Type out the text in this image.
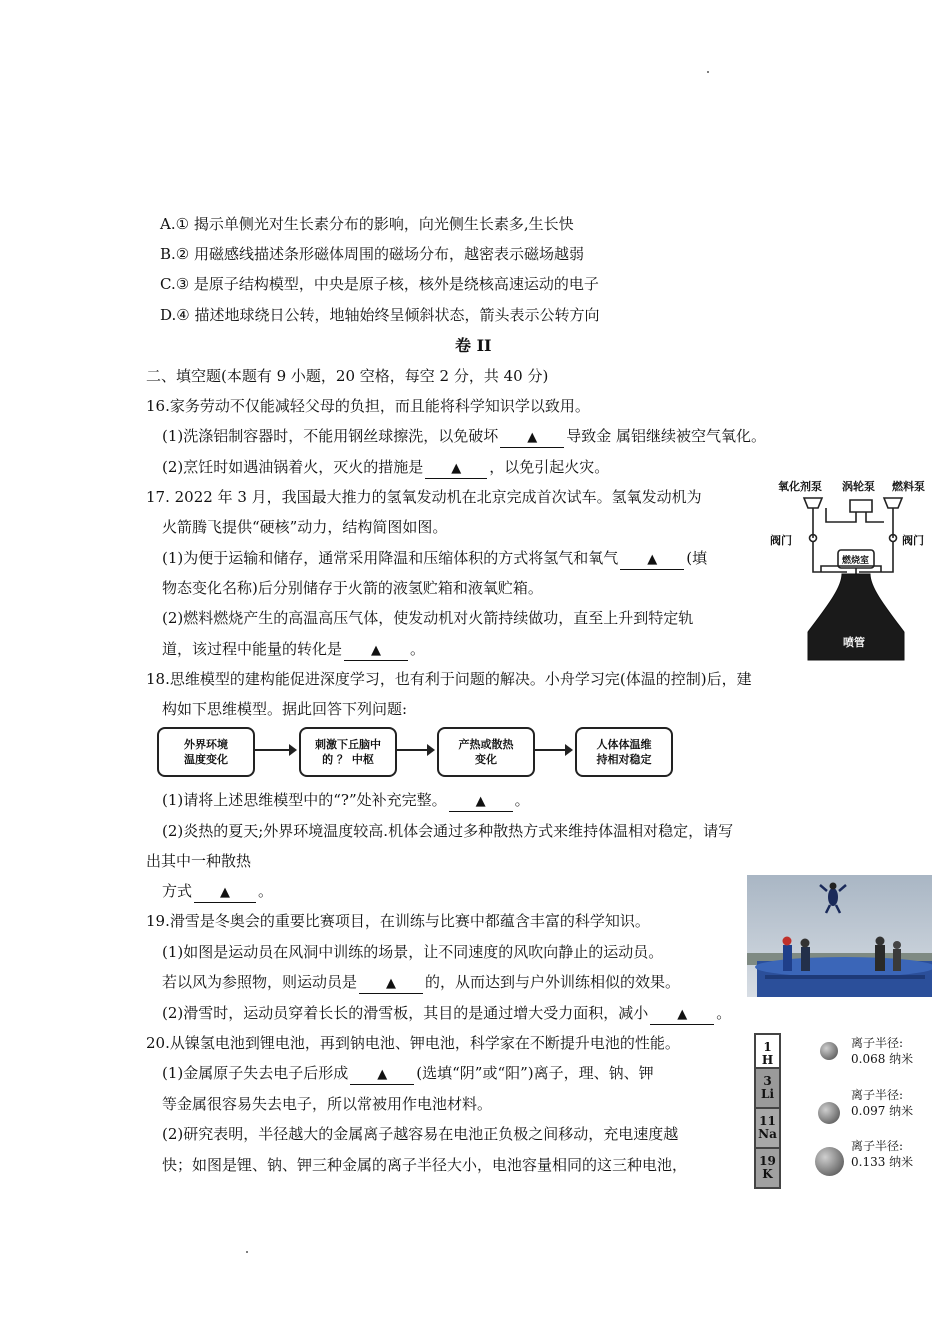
A.① 揭示单侧光对生长素分布的影响，向光侧生长素多,生长快
B.② 用磁感线描述条形磁体周围的磁场分布，越密表示磁场越弱
C.③ 是原子结构模型，中央是原子核，核外是绕核高速运动的电子
D.④ 描述地球绕日公转，地轴始终呈倾斜状态，箭头表示公转方向
卷 II
二、填空题(本题有 9 小题，20 空格，每空 2 分，共 40 分)
16.家务劳动不仅能减轻父母的负担，而且能将科学知识学以致用。
(1)洗涤铝制容器时，不能用钢丝球擦洗，以免破坏 ▲ 导致金 属铝继续被空气氧化。
(2)烹饪时如遇油锅着火，灭火的措施是 ▲ ，以免引起火灾。
17. 2022 年 3 月，我国最大推力的氢氧发动机在北京完成首次试车。氢氧发动机为
火箭腾飞提供“硬核”动力，结构简图如图。
(1)为便于运输和储存，通常采用降温和压缩体积的方式将氢气和氧气 ▲ (填
物态变化名称)后分别储存于火箭的液氢贮箱和液氧贮箱。
(2)燃料燃烧产生的高温高压气体，使发动机对火箭持续做功，直至上升到特定轨
道，该过程中能量的转化是 ▲ 。
氧化剂泵 涡轮泵 燃料泵
阀门	阀门
燃烧室
喷管
18.思维模型的建构能促进深度学习，也有利于问题的解决。小舟学习完(体温的控制)后，建
构如下思维模型。据此回答下列问题:
外界环境
温度变化
刺激下丘脑中
的 ？ 中枢
产热或散热
变化
人体体温维
持相对稳定
(1)请将上述思维模型中的“?”处补充完整。 ▲ 。
(2)炎热的夏天;外界环境温度较高.机体会通过多种散热方式来维持体温相对稳定，请写
出其中一种散热
方式 ▲ 。
19.滑雪是冬奥会的重要比赛项目，在训练与比赛中都蕴含丰富的科学知识。
(1)如图是运动员在风洞中训练的场景，让不同速度的风吹向静止的运动员。
若以风为参照物，则运动员是 ▲ 的，从而达到与户外训练相似的效果。
(2)滑雪时，运动员穿着长长的滑雪板，其目的是通过增大受力面积，减小 ▲ 。
20.从镍氢电池到锂电池，再到钠电池、钾电池，科学家在不断提升电池的性能。
(1)金属原子失去电子后形成 ▲ (选填“阴”或“阳”)离子，理、钠、钾
等金属很容易失去电子，所以常被用作电池材料。
(2)研究表明，半径越大的金属离子越容易在电池正负极之间移动，充电速度越
快；如图是锂、钠、钾三种金属的离子半径大小，电池容量相同的这三种电池，
1
H
3
Li
11
Na
19
K
离子半径:
0.068 纳米
离子半径:
0.097 纳米
离子半径:
0.133 纳米
